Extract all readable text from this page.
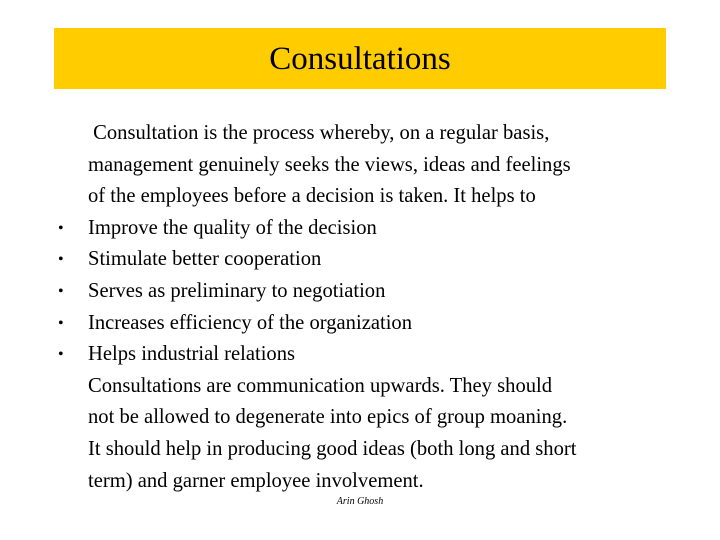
Consultations

Consultation is the process whereby, on a regular basis,

management genuinely seeks the views, ideas and feelings

of the employees before a decision is taken. It helps to

• Improve the quality of the decision
• Stimulate better cooperation
• Serves as preliminary to negotiation
• Increases efficiency of the organization
• Helps industrial relations

Consultations are communication upwards. They should

not be allowed to degenerate into epics of group moaning.

It should help in producing good ideas (both long and short

term) and garner employee involvement.

Arin Ghosh
